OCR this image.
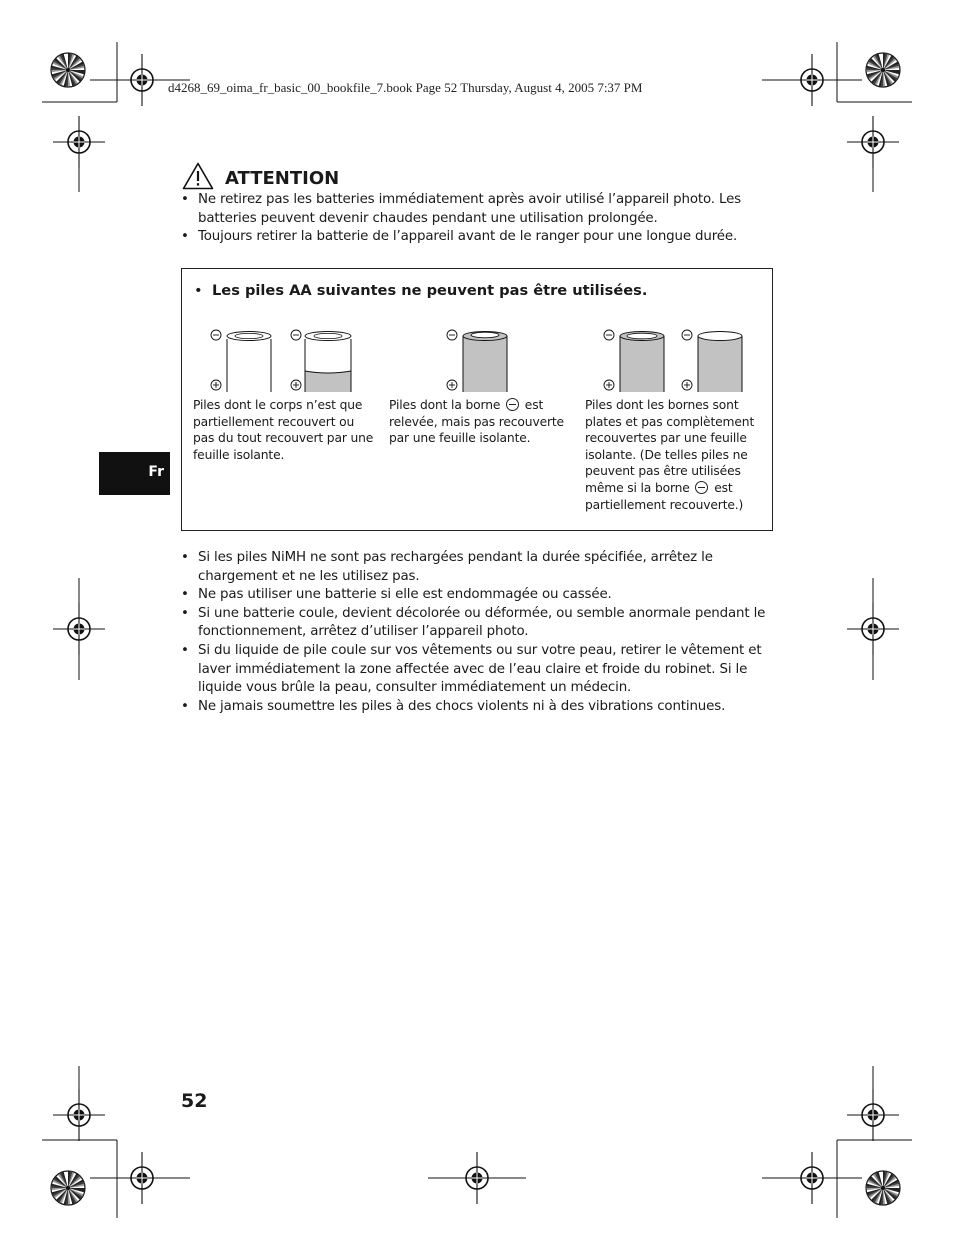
d4268_69_oima_fr_basic_00_bookfile_7.book Page 52 Thursday, August 4, 2005 7:37 PM
ATTENTION
• Ne retirez pas les batteries immédiatement après avoir utilisé l’appareil photo. Les batteries peuvent devenir chaudes pendant une utilisation prolongée.
• Toujours retirer la batterie de l’appareil avant de le ranger pour une longue durée.
• Les piles AA suivantes ne peuvent pas être utilisées.
Piles dont le corps n’est que partiellement recouvert ou pas du tout recouvert par une feuille isolante.
Piles dont la borne  est relevée, mais pas recouverte par une feuille isolante.
Piles dont les bornes sont plates et pas complètement recouvertes par une feuille isolante. (De telles piles ne peuvent pas être utilisées même si la borne  est partiellement recouverte.)
Fr
• Si les piles NiMH ne sont pas rechargées pendant la durée spécifiée, arrêtez le chargement et ne les utilisez pas.
• Ne pas utiliser une batterie si elle est endommagée ou cassée.
• Si une batterie coule, devient décolorée ou déformée, ou semble anormale pendant le fonctionnement, arrêtez d’utiliser l’appareil photo.
• Si du liquide de pile coule sur vos vêtements ou sur votre peau, retirer le vêtement et laver immédiatement la zone affectée avec de l’eau claire et froide du robinet. Si le liquide vous brûle la peau, consulter immédiatement un médecin.
• Ne jamais soumettre les piles à des chocs violents ni à des vibrations continues.
52
